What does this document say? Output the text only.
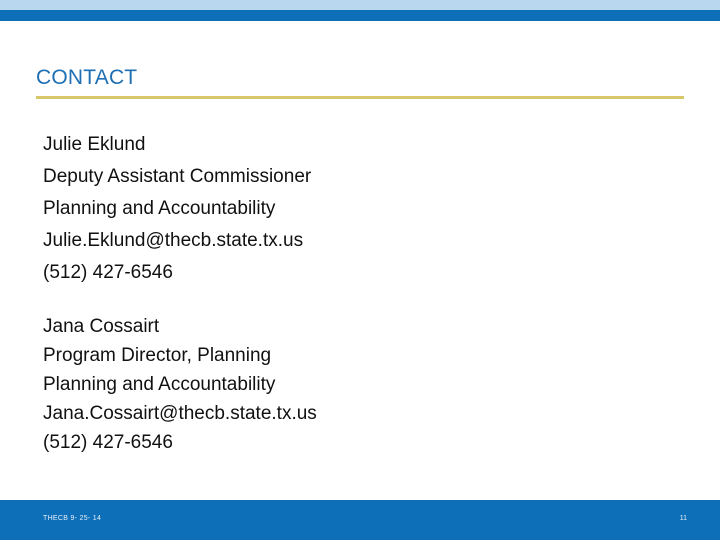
CONTACT
Julie Eklund
Deputy Assistant Commissioner
Planning and Accountability
Julie.Eklund@thecb.state.tx.us
(512) 427-6546
Jana Cossairt
Program Director, Planning
Planning and Accountability
Jana.Cossairt@thecb.state.tx.us
(512) 427-6546
THECB 9- 25- 14	11
